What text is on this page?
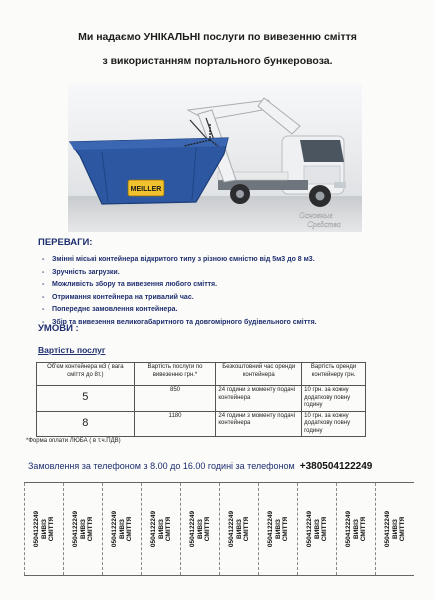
Ми надаємо УНІКАЛЬНІ послуги по вивезенню сміття
з використанням портального бункеровоза.
MEILLER
Основные
Средства
ПЕРЕВАГИ:
- Змінні міські контейнера відкритого типу з різною ємністю від 5м3 до 8 м3.
- Зручність загрузки.
- Можливість збору та вивезення любого сміття.
- Отримання контейнера на тривалий час.
- Попереднє замовлення контейнера.
- Збір та вивезення великогабаритного та довгомірного будівельного сміття.
УМОВИ :
Вартість послуг
Об'єм контейнера м3 ( вага сміття до 8т.)	Вартість послуги по вивезенню грн.*	Безкоштовний час оренди контейнера	Вартість оренди контейнеру грн.
5	850	24 години з моменту подачі контейнера	10 грн. за кожну додаткову повну годину
8	1180	24 години з моменту подачі контейнера	10 грн. за кожну додаткову повну годину
*Форма оплати ЛЮБА ( в т.ч.ПДВ)
Замовлення за телефоном з 8.00 до 16.00 годині за телефоном +380504122249
0504122249 ВИВІЗ СМІТТЯ	0504122249 ВИВІЗ СМІТТЯ	0504122249 ВИВІЗ СМІТТЯ	0504122249 ВИВІЗ СМІТТЯ	0504122249 ВИВІЗ СМІТТЯ	0504122249 ВИВІЗ СМІТТЯ	0504122249 ВИВІЗ СМІТТЯ	0504122249 ВИВІЗ СМІТТЯ	0504122249 ВИВІЗ СМІТТЯ	0504122249 ВИВІЗ СМІТТЯ
